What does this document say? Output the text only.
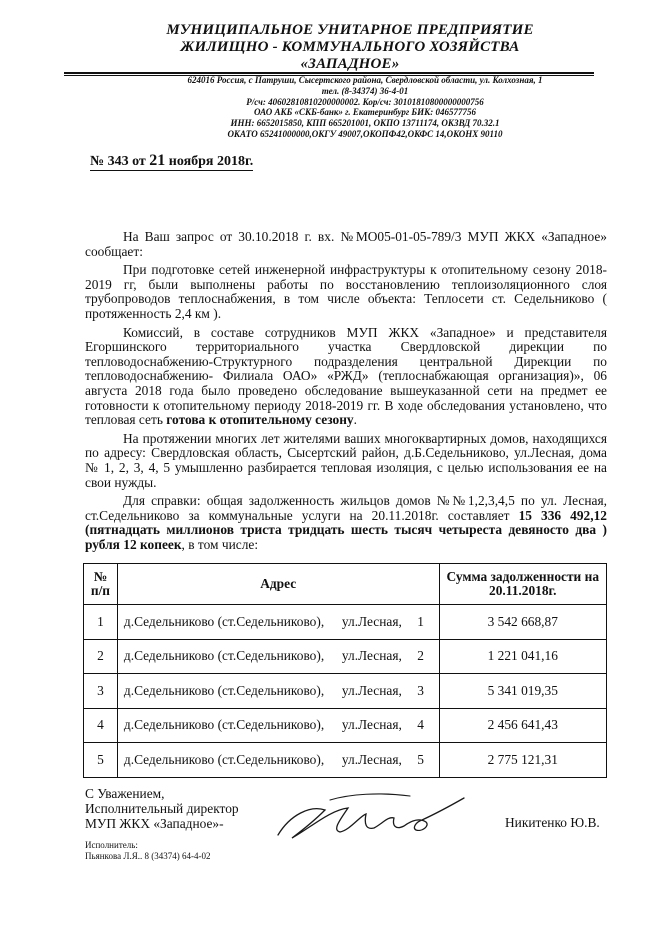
МУНИЦИПАЛЬНОЕ УНИТАРНОЕ ПРЕДПРИЯТИЕ
ЖИЛИЩНО - КОММУНАЛЬНОГО ХОЗЯЙСТВА
«ЗАПАДНОЕ»
624016 Россия, с Патруши, Сысертского района, Свердловской области, ул. Колхозная, 1
тел. (8-34374) 36-4-01
Р/сч: 40602810810200000002. Кор/сч: 30101810800000000756
ОАО АКБ «СКБ-банк» г. Екатеринбург БИК: 046577756
ИНН: 6652015850, КПП 665201001, ОКПО 13711174, ОКЗВД 70.32.1
ОКАТО 65241000000,ОКГУ 49007,ОКОПФ42,ОКФС 14,ОКОНХ 90110
№ 343 от 21 ноября 2018г.

На Ваш запрос от 30.10.2018 г. вх. №МО05-01-05-789/3 МУП ЖКХ «Западное» сообщает:

При подготовке сетей инженерной инфраструктуры к отопительному сезону 2018-2019 гг, были выполнены работы по восстановлению теплоизоляционного слоя трубопроводов теплоснабжения, в том числе объекта: Теплосети ст. Седельниково ( протяженность 2,4 км ).

Комиссий, в составе сотрудников МУП ЖКХ «Западное» и представителя Егоршинского территориального участка Свердловской дирекции по тепловодоснабжению-Структурного подразделения центральной Дирекции по тепловодоснабжению- Филиала ОАО» «РЖД» (теплоснабжающая организация)», 06 августа 2018 года было проведено обследование вышеуказанной сети на предмет ее готовности к отопительному периоду 2018-2019 гг. В ходе обследования установлено, что тепловая сеть готова к отопительному сезону.

На протяжении многих лет жителями ваших многоквартирных домов, находящихся по адресу: Свердловская область, Сысертский район, д.Б.Седельниково, ул.Лесная, дома № 1, 2, 3, 4, 5 умышленно разбирается тепловая изоляция, с целью использования ее на свои нужды.

Для справки: общая задолженность жильцов домов №№1,2,3,4,5 по ул. Лесная, ст.Седельниково за коммунальные услуги на 20.11.2018г. составляет 15 336 492,12 (пятнадцать миллионов триста тридцать шесть тысяч четыреста девяносто два ) рубля 12 копеек, в том числе:

№ п/п	Адрес	Сумма задолженности на 20.11.2018г.
1	д.Седельниково (ст.Седельниково), ул.Лесная, 1	3 542 668,87
2	д.Седельниково (ст.Седельниково), ул.Лесная, 2	1 221 041,16
3	д.Седельниково (ст.Седельниково), ул.Лесная, 3	5 341 019,35
4	д.Седельниково (ст.Седельниково), ул.Лесная, 4	2 456 641,43
5	д.Седельниково (ст.Седельниково), ул.Лесная, 5	2 775 121,31
С Уважением,
Исполнительный директор
МУП ЖКХ «Западное»-	Никитенко Ю.В.
Исполнитель:
Пьянкова Л.Я.. 8 (34374) 64-4-02
